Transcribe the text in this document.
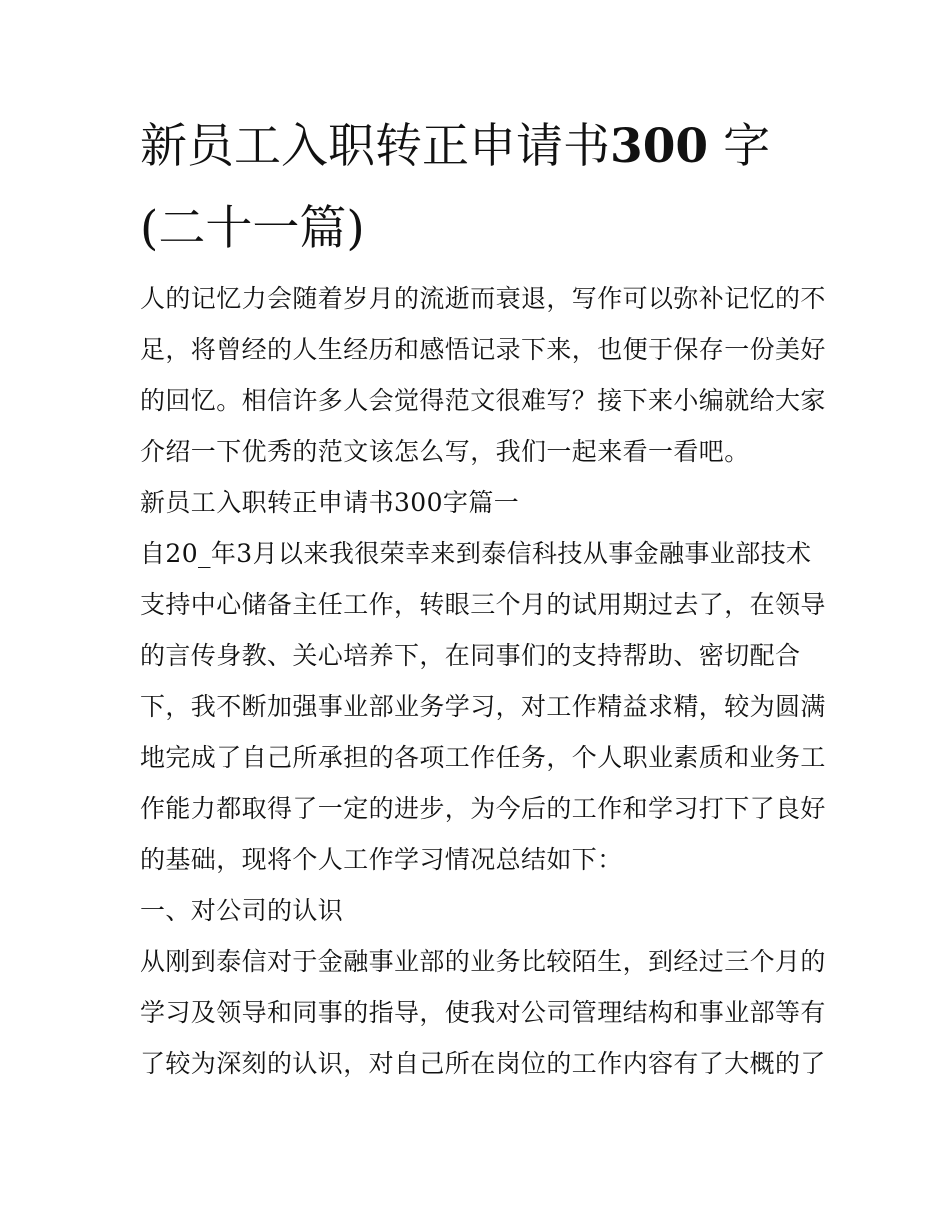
新员工入职转正申请书300 字
(二十一篇)

人的记忆力会随着岁月的流逝而衰退，写作可以弥补记忆的不

足，将曾经的人生经历和感悟记录下来，也便于保存一份美好

的回忆。相信许多人会觉得范文很难写？接下来小编就给大家

介绍一下优秀的范文该怎么写，我们一起来看一看吧。

新员工入职转正申请书300字篇一

自20_年3月以来我很荣幸来到泰信科技从事金融事业部技术

支持中心储备主任工作，转眼三个月的试用期过去了，在领导

的言传身教、关心培养下，在同事们的支持帮助、密切配合

下，我不断加强事业部业务学习，对工作精益求精，较为圆满

地完成了自己所承担的各项工作任务，个人职业素质和业务工

作能力都取得了一定的进步，为今后的工作和学习打下了良好

的基础，现将个人工作学习情况总结如下：

一、对公司的认识

从刚到泰信对于金融事业部的业务比较陌生，到经过三个月的

学习及领导和同事的指导，使我对公司管理结构和事业部等有

了较为深刻的认识，对自己所在岗位的工作内容有了大概的了
